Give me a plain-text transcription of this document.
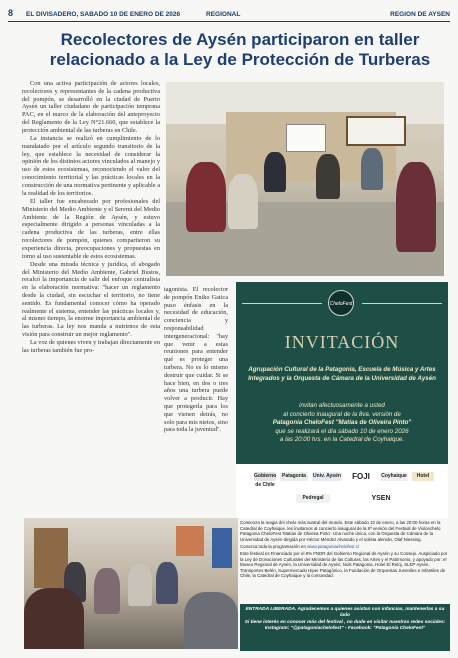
8 EL DIVISADERO, SABADO 10 DE ENERO DE 2026	REGIONAL	REGION DE AYSEN
Recolectores de Aysén participaron en taller relacionado a la Ley de Protección de Turberas

Con una activa participación de actores locales, recolectores y representantes de la cadena productiva del pompón, se desarrolló en la ciudad de Puerto Aysén un taller ciudadano de participación temprana PAC, en el marco de la elaboración del anteproyecto del Reglamento de la Ley N°21.660, que establece la protección ambiental de las turberas en Chile.

La instancia se realizó en cumplimiento de lo mandatado por el artículo segundo transitorio de la ley, que establece la necesidad de considerar la opinión de los distintos actores vinculados al manejo y uso de estos ecosistemas, reconociendo el valor del conocimiento territorial y las prácticas locales en la construcción de una normativa pertinente y aplicable a la realidad de los territorios.

El taller fue encabezado por profesionales del Ministerio del Medio Ambiente y el Seremi del Medio Ambiente de la Región de Aysén, y estuvo especialmente dirigido a personas vinculadas a la cadena productiva de las turberas, entre ellas recolectores de pompón, quienes compartieron su experiencia directa, preocupaciones y propuestas en torno al uso sustentable de estos ecosistemas.

Desde una mirada técnica y jurídica, el abogado del Ministerio del Medio Ambiente, Gabriel Bustos, recalcó la importancia de salir del enfoque centralista en la elaboración normativa: "hacer un reglamento desde la ciudad, sin escuchar el territorio, no tiene sentido. Es fundamental conocer cómo ha operado realmente el sistema, entender las prácticas locales y, al mismo tiempo, la enorme importancia ambiental de las turberas. La ley nos manda a nutrirnos de esta visión para construir un mejor reglamento".

La voz de quienes viven y trabajan directamente en las turberas también fue pro-

tagonista. El recolector de pompón Eniko Gatica puso énfasis en la necesidad de educación, conciencia y responsabilidad intergeneracional: "hay que venir a estas reuniones para entender qué es proteger una turbera. No es lo mismo destruir que cuidar. Si se hace bien, en dos o tres años una turbera puede volver a producir. Hay que protegerla para los que vienen detrás, no solo para mis nietos, sino para toda la juventud".
CheloFest
INVITACIÓN
Agrupación Cultural de la Patagonia, Escuela de Música y Artes Integrados y la Orquesta de Cámara de la Universidad de Aysén
invitan afectuosamente a usted
al concierto inaugural de la 8va. versión de
Patagonia CheloFest "Matías de Oliveira Pinto"
que se realizará el día sábado 10 de enero 2026
a las 20:00 hrs. en la Catedral de Coyhaique.
Gobierno de Chile
Patagonia	Univ. Aysén	FOJI	Coyhaique	Hotel
Pedregal	YSEN

Comienza la magia del chelo más austral del mundo. Este sábado 10 de enero, a las 20:00 horas en la Catedral de Coyhaique, les invitamos al concierto inaugural de la 8ª versión del Festival de Violonchelo Patagonia CheloFest 'Matías de Oliveira Pinto'. Una noche única, con la Orquesta de Cámara de la Universidad de Aysén dirigida por Héctor Méndez Alvarado y el solista alemán, Olaf Niessing.

Conozca toda la programación en www.patagoniachelofest.cl

Este festival es Financiado por el 8% FNDR del Gobierno Regional de Aysén y su Consejo. Auspiciado por la Ley de Donaciones Culturales del Ministerio de las Culturas, las Artes y el Patrimonio, y apoyado por: el Museo Regional de Aysén, la Universidad de Aysén, Nols Patagonia, Hotel El Reloj, SLEP Aysén, Transportes Belén, Supermercado Hiper Patagónico, la Fundación de Orquestas Juveniles e Infantiles de Chile, la Catedral de Coyhaique y la comunidad.

ENTRADA LIBERADA. Agradecemos a quienes asistan con infancias, mantenerlas a su lado
Si tiene interés en conocer más del festival , no dude en visitar nuestras redes sociales:
Instagram: "@patagoniachelofest" - Facebook: "Patagonia CheloFest"
